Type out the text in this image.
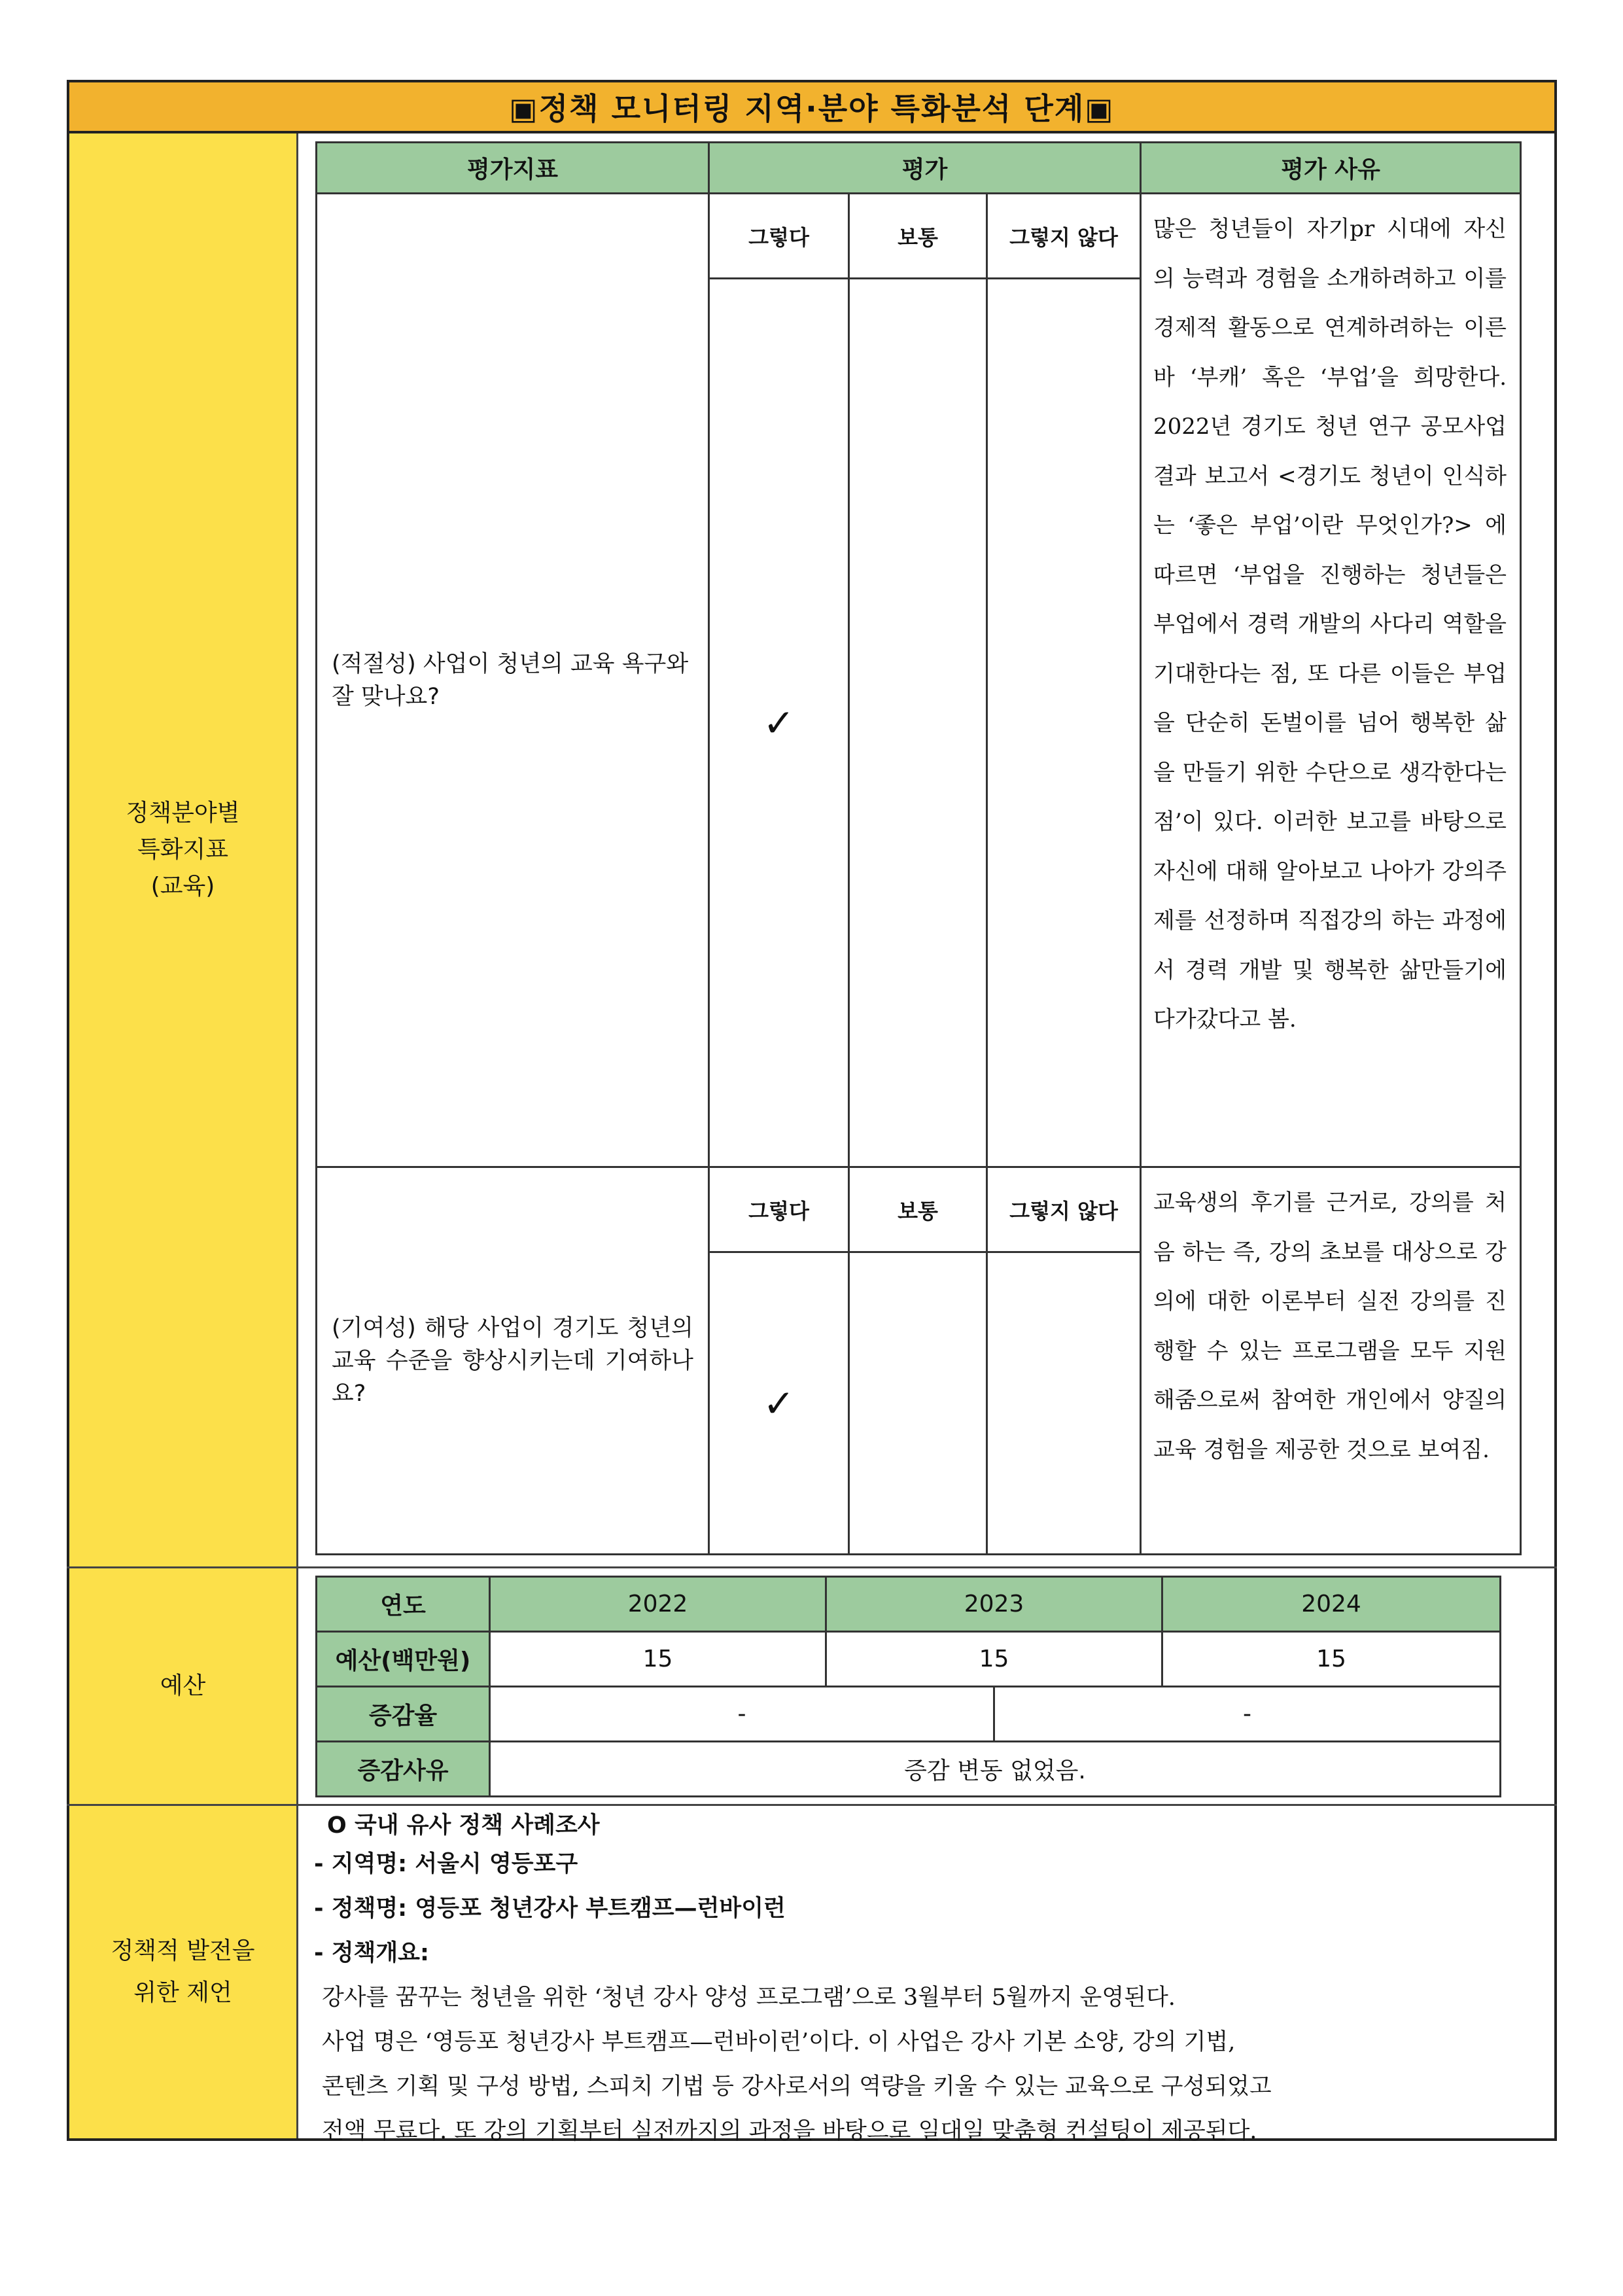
▣정책 모니터링 지역·분야 특화분석 단계▣
정책분야별
특화지표
(교육)
평가지표	평가			평가 사유
(적절성) 사업이 청년의 교육 욕구와 잘 맞나요?	그렇다	보통	그렇지 않다	많은 청년들이 자기pr 시대에 자신의 능력과 경험을 소개하려하고 이를 경제적 활동으로 연계하려하는 이른바 ‘부캐’ 혹은 ‘부업’을 희망한다. 2022년 경기도 청년 연구 공모사업 결과 보고서 <경기도 청년이 인식하는 ‘좋은 부업’이란 무엇인가?> 에 따르면 ‘부업을 진행하는 청년들은 부업에서 경력 개발의 사다리 역할을 기대한다는 점, 또 다른 이들은 부업을 단순히 돈벌이를 넘어 행복한 삶을 만들기 위한 수단으로 생각한다는 점’이 있다. 이러한 보고를 바탕으로 자신에 대해 알아보고 나아가 강의주제를 선정하며 직접강의 하는 과정에서 경력 개발 및 행복한 삶만들기에 다가갔다고 봄.
	✓			
(기여성) 해당 사업이 경기도 청년의 교육 수준을 향상시키는데 기여하나요?	그렇다	보통	그렇지 않다	교육생의 후기를 근거로, 강의를 처음 하는 즉, 강의 초보를 대상으로 강의에 대한 이론부터 실전 강의를 진행할 수 있는 프로그램을 모두 지원해줌으로써 참여한 개인에서 양질의 교육 경험을 제공한 것으로 보여짐.
	✓			
예산
연도	2022	2023		2024
예산(백만원)	15	15		15
증감율	-		-	
증감사유	증감 변동 없었음.			
정책적 발전을
위한 제언
O 국내 유사 정책 사례조사
- 지역명: 서울시 영등포구
- 정책명: 영등포 청년강사 부트캠프—런바이런
- 정책개요:
강사를 꿈꾸는 청년을 위한 ‘청년 강사 양성 프로그램’으로 3월부터 5월까지 운영된다.
사업 명은 ‘영등포 청년강사 부트캠프—런바이런’이다. 이 사업은 강사 기본 소양, 강의 기법,
콘텐츠 기획 및 구성 방법, 스피치 기법 등 강사로서의 역량을 키울 수 있는 교육으로 구성되었고
전액 무료다. 또 강의 기획부터 실전까지의 과정을 바탕으로 일대일 맞춤형 컨설팅이 제공된다.
